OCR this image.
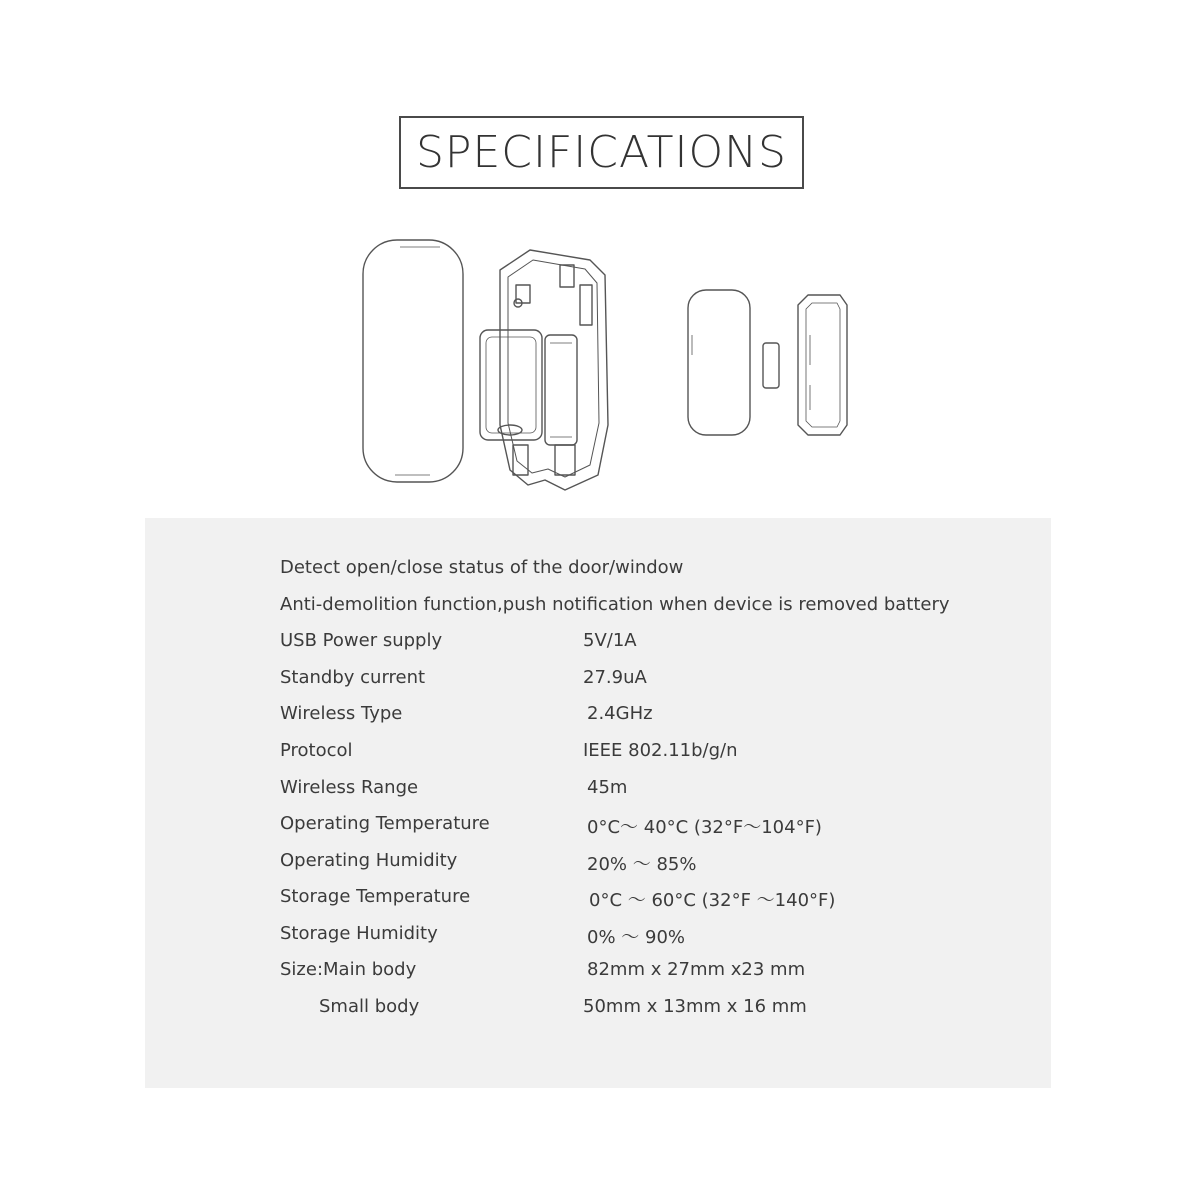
SPECIFICATIONS
Detect open/close status of the door/window
Anti-demolition function,push notification when device is removed battery
USB Power supply	5V/1A
Standby current	27.9uA
Wireless Type	2.4GHz
Protocol	IEEE 802.11b/g/n
Wireless Range	45m
Operating Temperature	0°C～ 40°C (32°F～104°F)
Operating Humidity	20% ～ 85%
Storage Temperature	0°C ～ 60°C (32°F ～140°F)
Storage Humidity	0% ～ 90%
Size:Main body	82mm x 27mm x23 mm
Small body	50mm x 13mm x 16 mm
